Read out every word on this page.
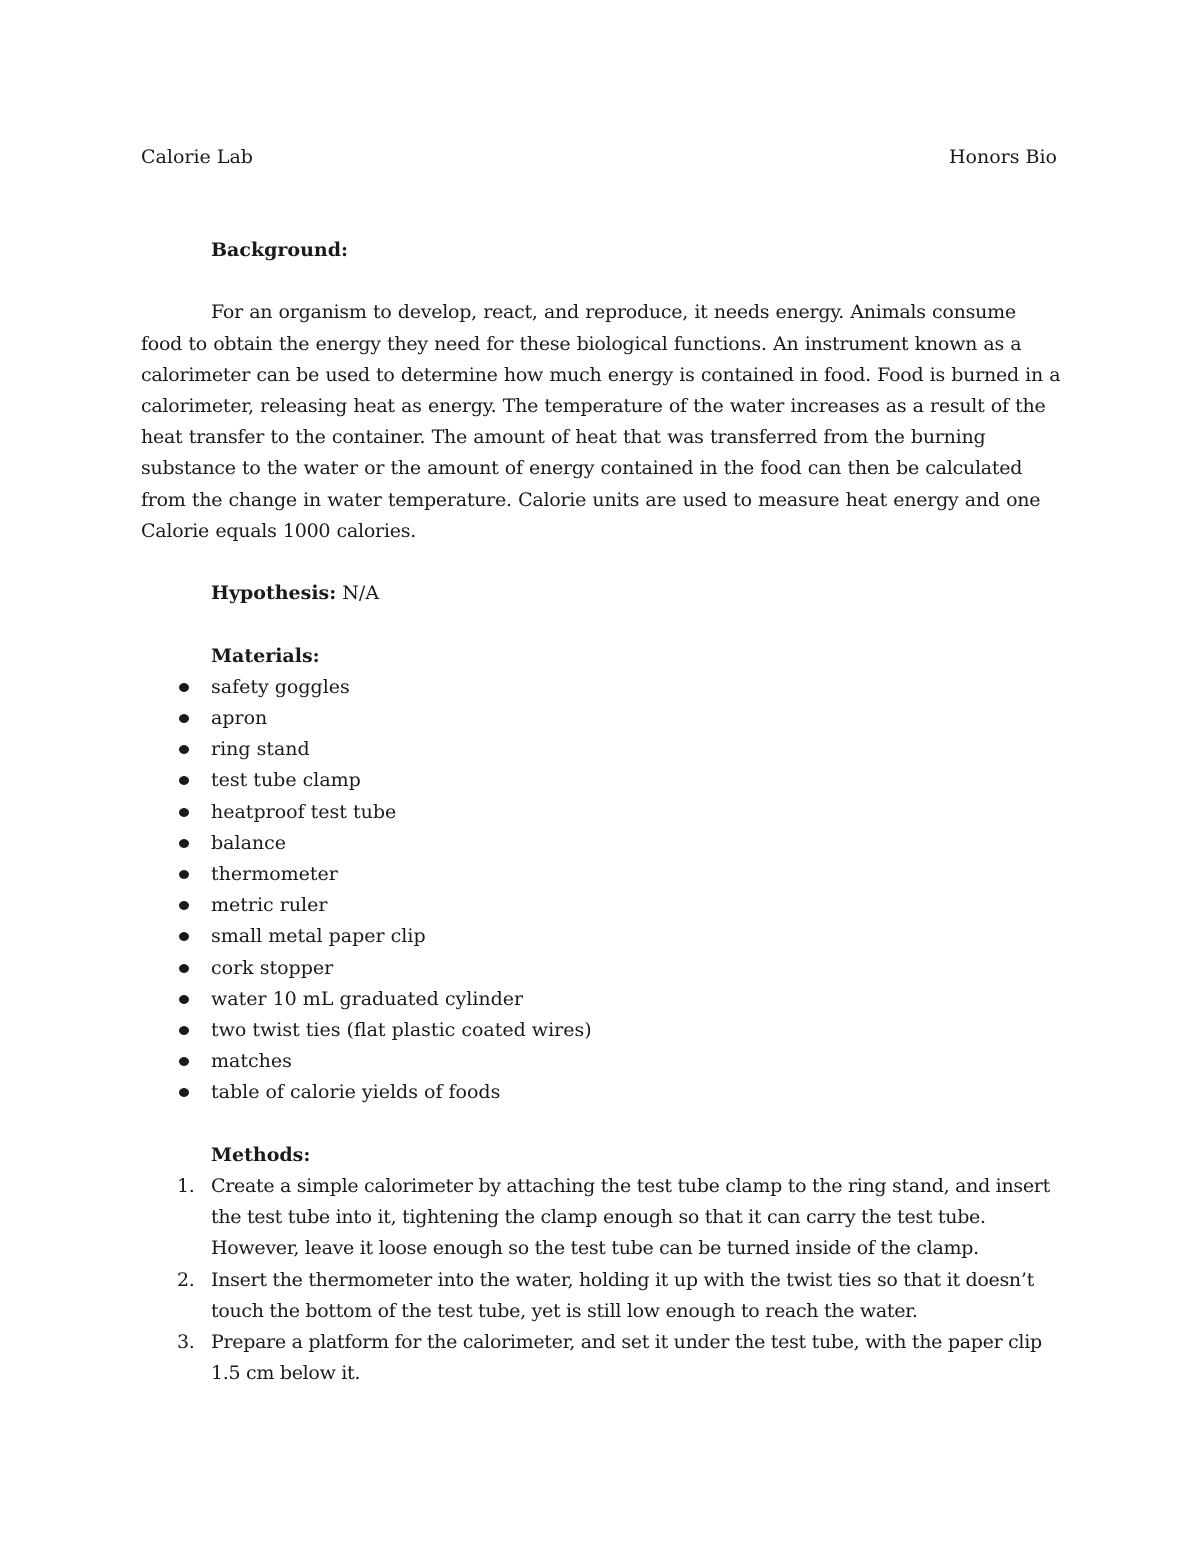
Calorie Lab	Honors Bio

Background:

For an organism to develop, react, and reproduce, it needs energy. Animals consume food to obtain the energy they need for these biological functions. An instrument known as a calorimeter can be used to determine how much energy is contained in food. Food is burned in a calorimeter, releasing heat as energy. The temperature of the water increases as a result of the heat transfer to the container. The amount of heat that was transferred from the burning substance to the water or the amount of energy contained in the food can then be calculated from the change in water temperature. Calorie units are used to measure heat energy and one Calorie equals 1000 calories.

Hypothesis: N/A

Materials:

safety goggles
apron
ring stand
test tube clamp
heatproof test tube
balance
thermometer
metric ruler
small metal paper clip
cork stopper
water 10 mL graduated cylinder
two twist ties (flat plastic coated wires)
matches
table of calorie yields of foods

Methods:

1. Create a simple calorimeter by attaching the test tube clamp to the ring stand, and insert the test tube into it, tightening the clamp enough so that it can carry the test tube. However, leave it loose enough so the test tube can be turned inside of the clamp.
2. Insert the thermometer into the water, holding it up with the twist ties so that it doesn’t touch the bottom of the test tube, yet is still low enough to reach the water.
3. Prepare a platform for the calorimeter, and set it under the test tube, with the paper clip 1.5 cm below it.
